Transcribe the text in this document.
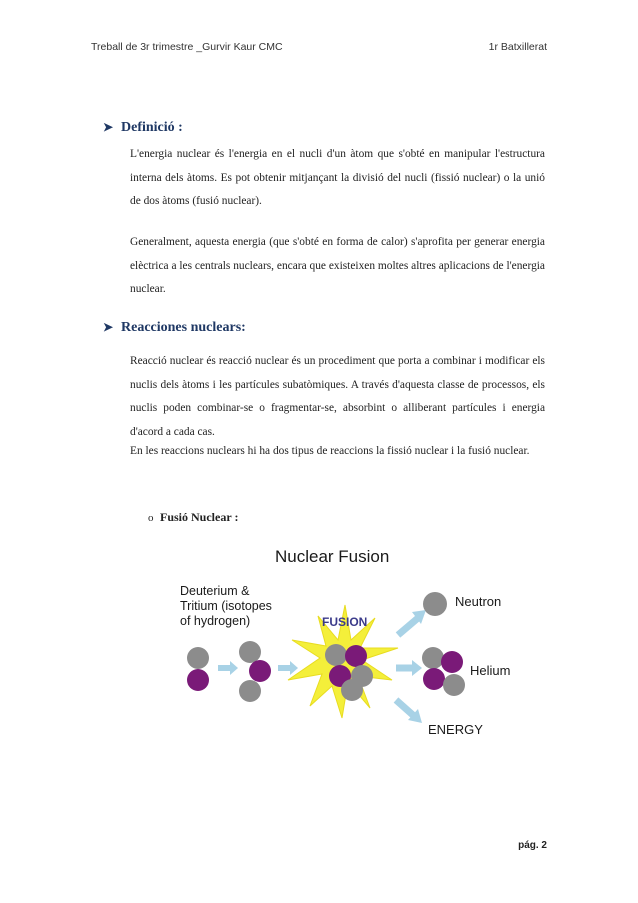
Treball de 3r trimestre _Gurvir Kaur CMC	1r Batxillerat
➤ Definició :
L'energia nuclear és l'energia en el nucli d'un àtom que s'obté en manipular l'estructura interna dels àtoms. Es pot obtenir mitjançant la divisió del nucli (fissió nuclear) o la unió de dos àtoms (fusió nuclear).
Generalment, aquesta energia (que s'obté en forma de calor) s'aprofita per generar energia elèctrica a les centrals nuclears, encara que existeixen moltes altres aplicacions de l'energia nuclear.
➤ Reacciones nuclears:
Reacció nuclear és reacció nuclear és un procediment que porta a combinar i modificar els nuclis dels àtoms i les partícules subatòmiques. A través d'aquesta classe de processos, els nuclis poden combinar-se o fragmentar-se, absorbint o alliberant partícules i energia d'acord a cada cas.
En les reaccions nuclears hi ha dos tipus de reaccions la fissió nuclear i la fusió nuclear.
o Fusió Nuclear :
Nuclear Fusion
Deuterium & Tritium (isotopes of hydrogen)	FUSION
Neutron
Helium
ENERGY
pág. 2
